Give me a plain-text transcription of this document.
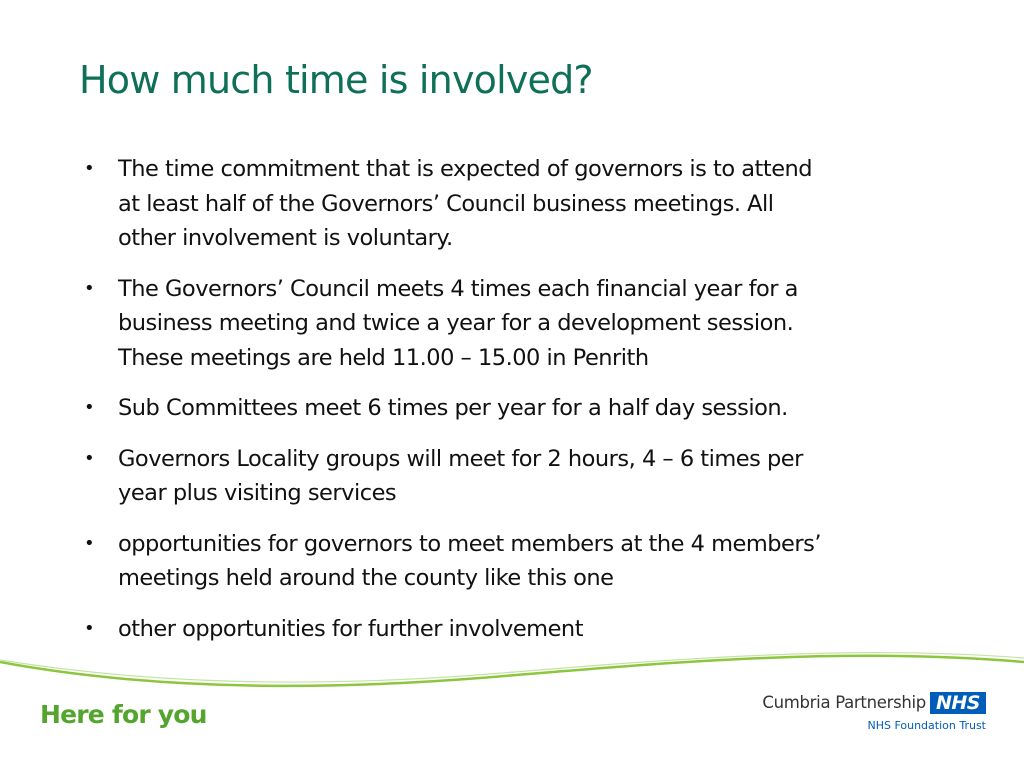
How much time is involved?
• The time commitment that is expected of governors is to attend
at least half of the Governors’ Council business meetings. All
other involvement is voluntary.
• The Governors’ Council meets 4 times each financial year for a
business meeting and twice a year for a development session.
These meetings are held 11.00 – 15.00 in Penrith
• Sub Committees meet 6 times per year for a half day session.
• Governors Locality groups will meet for 2 hours, 4 – 6 times per
year plus visiting services
• opportunities for governors to meet members at the 4 members’
meetings held around the county like this one
• other opportunities for further involvement
Here for you	Cumbria Partnership NHS
NHS Foundation Trust
